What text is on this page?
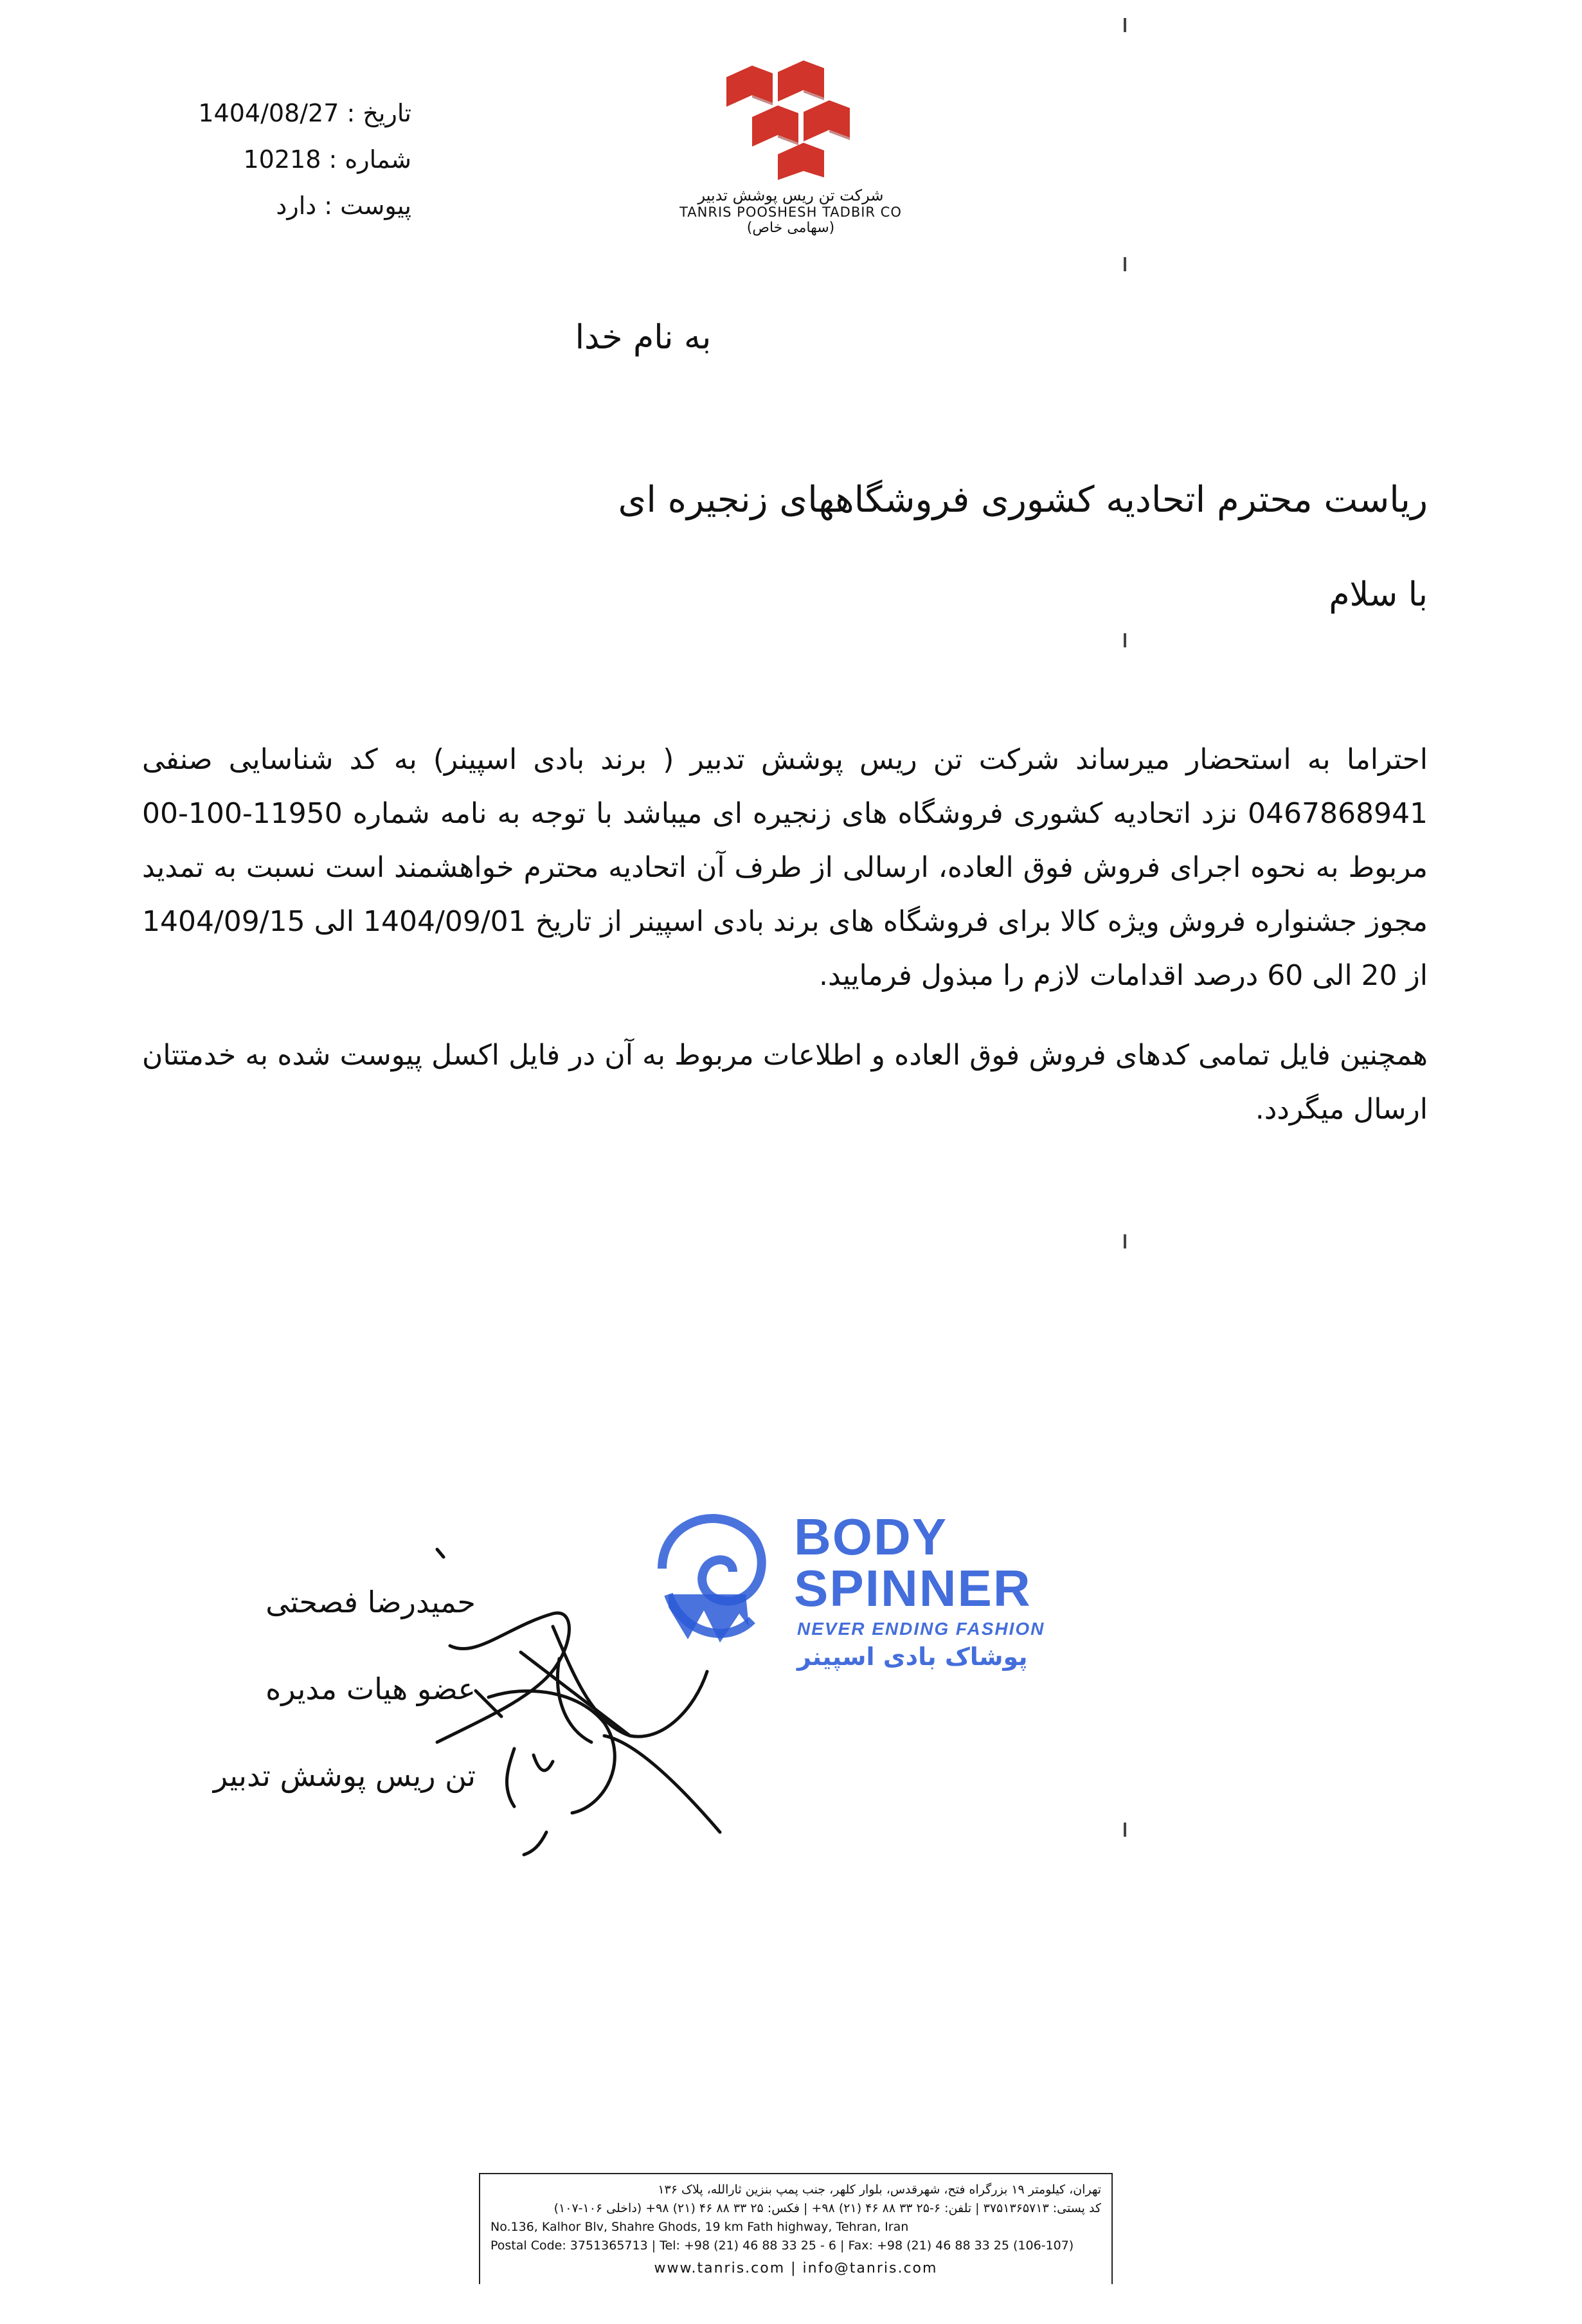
تاریخ : 1404/08/27
شماره : 10218
پیوست : دارد	شرکت تن ریس پوشش تدبیر
TANRIS POOSHESH TADBIR CO
(سهامی خاص)
به نام خدا
ریاست محترم اتحادیه کشوری فروشگاههای زنجیره ای
با سلام
احتراما به استحضار میرساند شرکت تن ریس پوشش تدبیر ( برند بادی اسپینر) به کد شناسایی صنفی 0467868941 نزد اتحادیه کشوری فروشگاه های زنجیره ای میباشد با توجه به نامه شماره 11950-100-00 مربوط به نحوه اجرای فروش فوق العاده، ارسالی از طرف آن اتحادیه محترم خواهشمند است نسبت به تمدید مجوز جشنواره فروش ویژه کالا برای فروشگاه های برند بادی اسپینر از تاریخ 1404/09/01 الی 1404/09/15 از 20 الی 60 درصد اقدامات لازم را مبذول فرمایید.
همچنین فایل تمامی کدهای فروش فوق العاده و اطلاعات مربوط به آن در فایل اکسل پیوست شده به خدمتتان ارسال میگردد.
حمیدرضا فصحتی
عضو هیات مدیره
تن ریس پوشش تدبیر
BODY
SPINNER
NEVER ENDING FASHION
پوشاک بادی اسپینر
تهران، کیلومتر ۱۹ بزرگراه فتح، شهرقدس، بلوار کلهر، جنب پمپ بنزین ثارالله، پلاک ۱۳۶
کد پستی: ۳۷۵۱۳۶۵۷۱۳ | تلفن: ۶-۲۵ ۳۳ ۸۸ ۴۶ (۲۱) ۹۸+ | فکس: ۲۵ ۳۳ ۸۸ ۴۶ (۲۱) ۹۸+ (داخلی ۱۰۶-۱۰۷)
No.136, Kalhor Blv, Shahre Ghods, 19 km Fath highway, Tehran, Iran
Postal Code: 3751365713 | Tel: +98 (21) 46 88 33 25 - 6 | Fax: +98 (21) 46 88 33 25 (106-107)
www.tanris.com | info@tanris.com
